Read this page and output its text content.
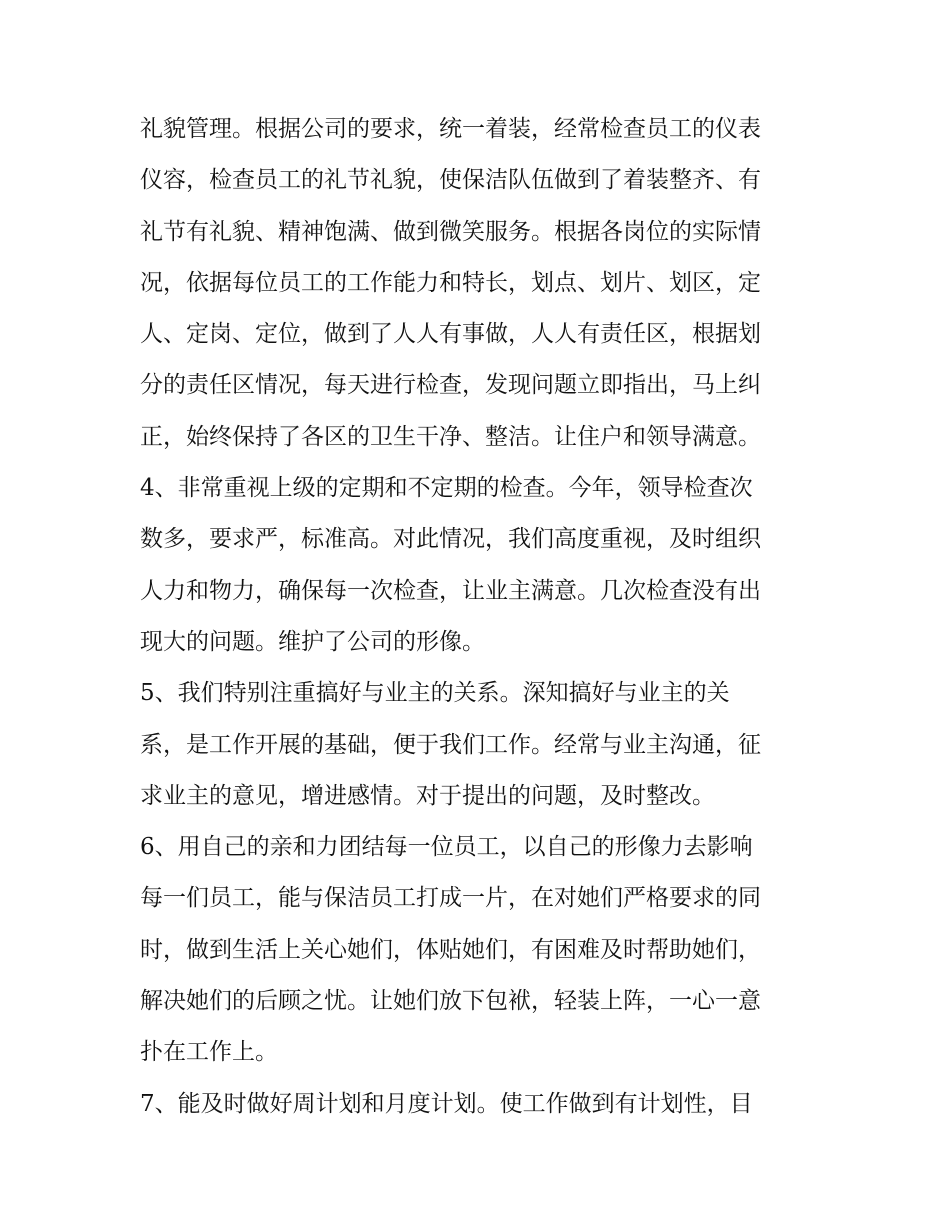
礼貌管理。根据公司的要求，统一着装，经常检查员工的仪表
仪容，检查员工的礼节礼貌，使保洁队伍做到了着装整齐、有
礼节有礼貌、精神饱满、做到微笑服务。根据各岗位的实际情
况，依据每位员工的工作能力和特长，划点、划片、划区，定
人、定岗、定位，做到了人人有事做，人人有责任区，根据划
分的责任区情况，每天进行检查，发现问题立即指出，马上纠
正，始终保持了各区的卫生干净、整洁。让住户和领导满意。
4、非常重视上级的定期和不定期的检查。今年，领导检查次
数多，要求严，标准高。对此情况，我们高度重视，及时组织
人力和物力，确保每一次检查，让业主满意。几次检查没有出
现大的问题。维护了公司的形像。
5、我们特别注重搞好与业主的关系。深知搞好与业主的关
系，是工作开展的基础，便于我们工作。经常与业主沟通，征
求业主的意见，增进感情。对于提出的问题，及时整改。
6、用自己的亲和力团结每一位员工，以自己的形像力去影响
每一们员工，能与保洁员工打成一片，在对她们严格要求的同
时，做到生活上关心她们，体贴她们，有困难及时帮助她们，
解决她们的后顾之忧。让她们放下包袱，轻装上阵，一心一意
扑在工作上。
7、能及时做好周计划和月度计划。使工作做到有计划性，目
